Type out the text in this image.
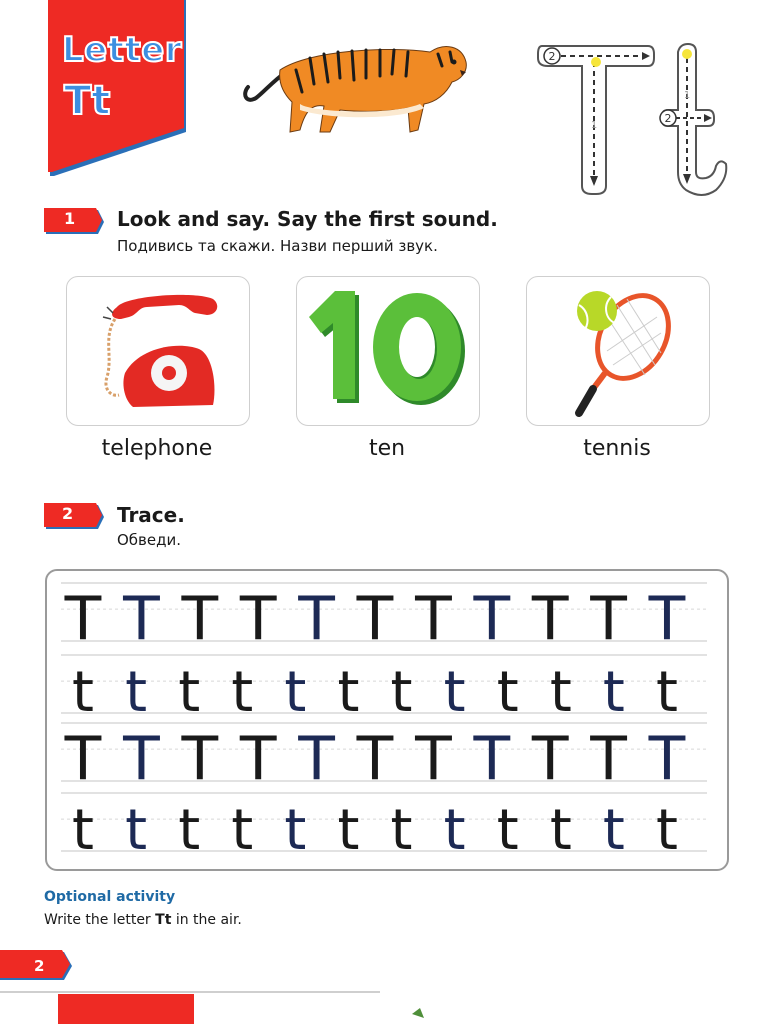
Letter
Tt
2
1
2
1
1 Look and say. Say the first sound.
Подивись та скажи. Назви перший звук.
telephone	ten	tennis
2 Trace.
Обведи.
T T T T T T T T T T T
t t t t t t t t t t t t
T T T T T T T T T T T
t t t t t t t t t t t t
Optional activity
Write the letter Tt in the air.
2
